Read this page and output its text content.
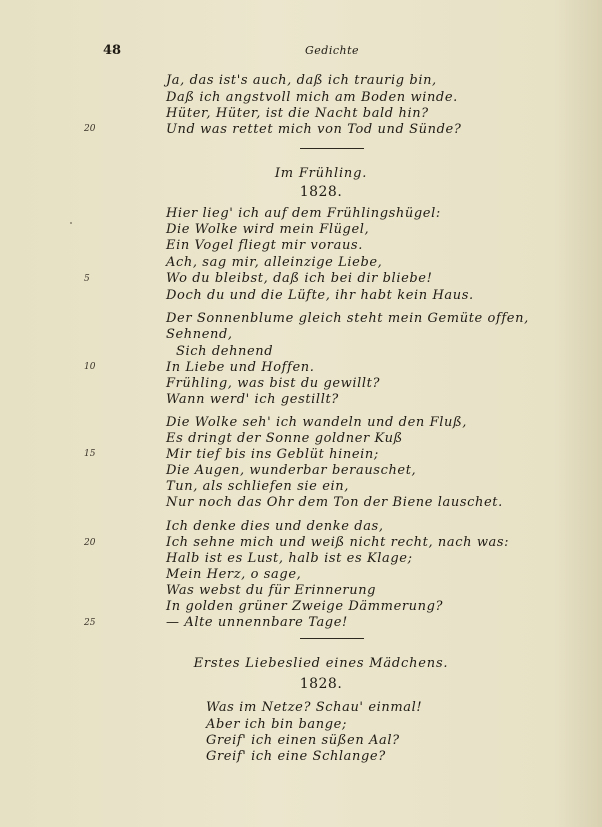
48	Gedichte
Ja, das ist's auch, daß ich traurig bin,
Daß ich angstvoll mich am Boden winde.
Hüter, Hüter, ist die Nacht bald hin?
Und was rettet mich von Tod und Sünde?
20
Im Frühling.
1828.
Hier lieg' ich auf dem Frühlingshügel:
Die Wolke wird mein Flügel,
Ein Vogel fliegt mir voraus.
Ach, sag mir, alleinzige Liebe,
Wo du bleibst, daß ich bei dir bliebe!
5
Doch du und die Lüfte, ihr habt kein Haus.
Der Sonnenblume gleich steht mein Gemüte offen,
Sehnend,
Sich dehnend
In Liebe und Hoffen.
10
Frühling, was bist du gewillt?
Wann werd' ich gestillt?
Die Wolke seh' ich wandeln und den Fluß,
Es dringt der Sonne goldner Kuß
Mir tief bis ins Geblüt hinein;
15
Die Augen, wunderbar berauschet,
Tun, als schliefen sie ein,
Nur noch das Ohr dem Ton der Biene lauschet.
Ich denke dies und denke das,
Ich sehne mich und weiß nicht recht, nach was:
20
Halb ist es Lust, halb ist es Klage;
Mein Herz, o sage,
Was webst du für Erinnerung
In golden grüner Zweige Dämmerung?
— Alte unnennbare Tage!
25
Erstes Liebeslied eines Mädchens.
1828.
Was im Netze? Schau' einmal!
Aber ich bin bange;
Greif' ich einen süßen Aal?
Greif' ich eine Schlange?
